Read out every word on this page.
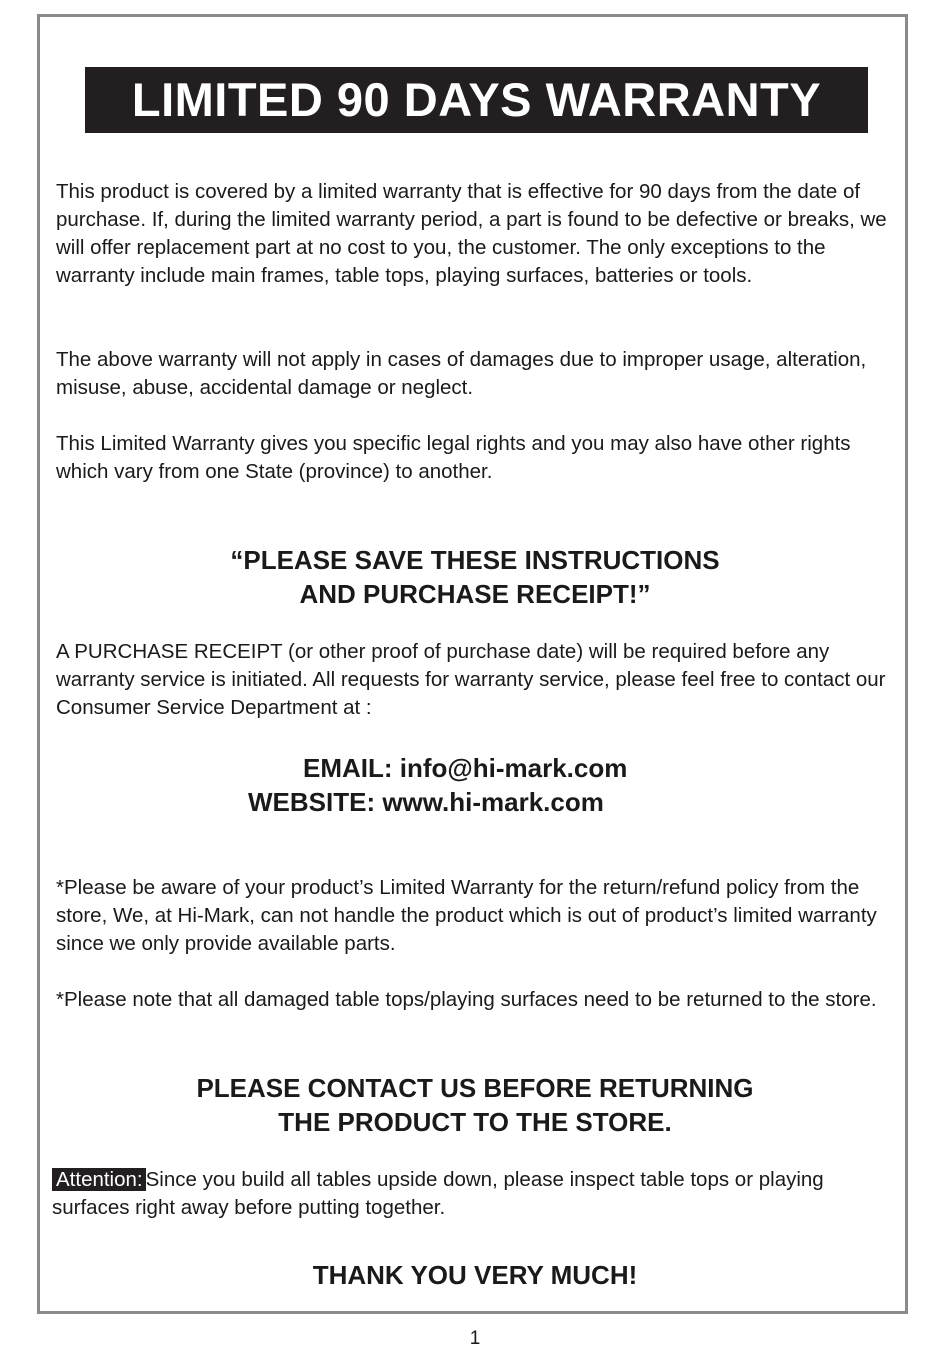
LIMITED 90 DAYS WARRANTY

This product is covered by a limited warranty that is effective for 90 days from the date of purchase. If, during the limited warranty period, a part is found to be defective or breaks, we will offer replacement part at no cost to you, the customer. The only exceptions to the warranty include main frames, table tops, playing surfaces, batteries or tools.

The above warranty will not apply in cases of damages due to improper usage, alteration, misuse, abuse, accidental damage or neglect.

This Limited Warranty gives you specific legal rights and you may also have other rights which vary from one State (province) to another.

“PLEASE SAVE THESE INSTRUCTIONS
AND PURCHASE RECEIPT!”

A PURCHASE RECEIPT (or other proof of purchase date) will be required before any warranty service is initiated. All requests for warranty service, please feel free to contact our Consumer Service Department at :

EMAIL: info@hi-mark.com
WEBSITE: www.hi-mark.com

*Please be aware of your product’s Limited Warranty for the return/refund policy from the store, We, at Hi-Mark, can not handle the product which is out of product’s limited warranty since we only provide available parts.

*Please note that all damaged table tops/playing surfaces need to be returned to the store.

PLEASE CONTACT US BEFORE RETURNING
THE PRODUCT TO THE STORE.

Attention: Since you build all tables upside down, please inspect table tops or playing surfaces right away before putting together.

THANK YOU VERY MUCH!
1
